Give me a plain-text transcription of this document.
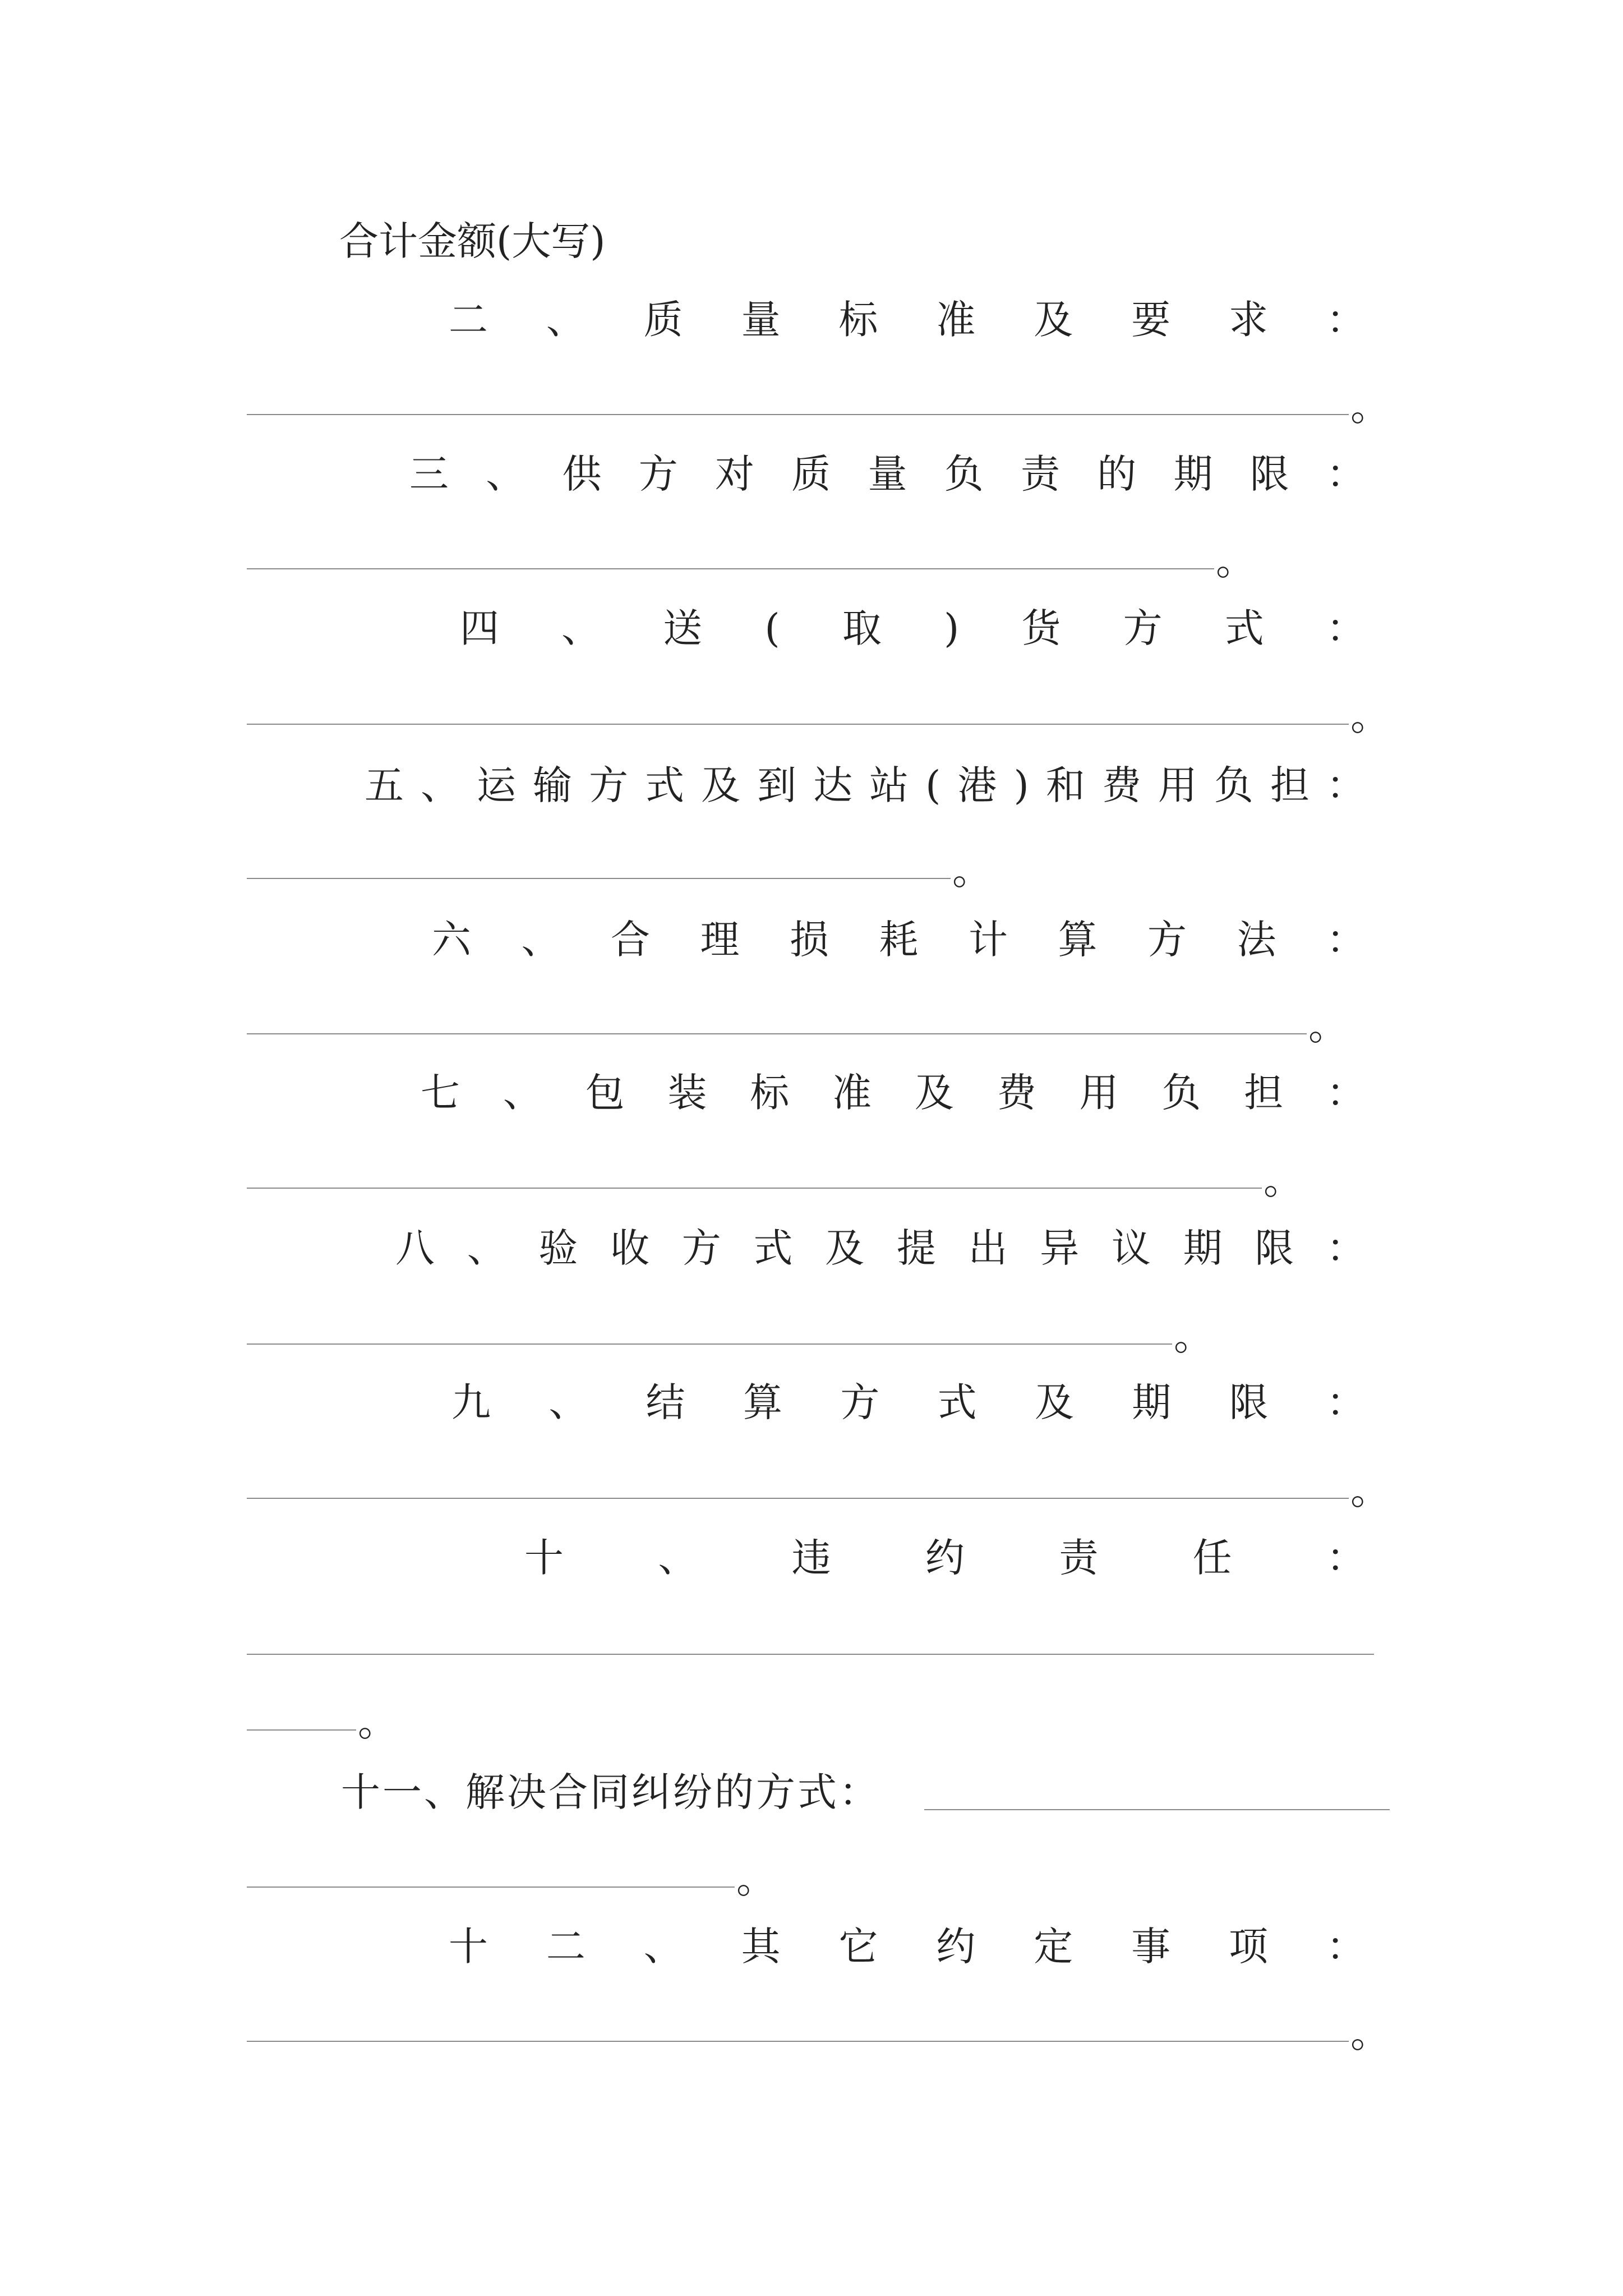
合计金额(大写)
二 、 质 量 标 准 及 要 求 ：
。
三 、 供 方 对 质 量 负 责 的 期 限 ：
。
四 、 送 ( 取 ) 货 方 式 ：
。
五 、 运 输 方 式 及 到 达 站 ( 港 ) 和 费 用 负 担 ：
。
六 、 合 理 损 耗 计 算 方 法 ：
。
七 、 包 装 标 准 及 费 用 负 担 ：
。
八 、 验 收 方 式 及 提 出 异 议 期 限 ：
。
九 、 结 算 方 式 及 期 限 ：
。
十 、 违 约 责 任 ：
。
十一、解决合同纠纷的方式：
。
十 二 、 其 它 约 定 事 项 ：
。
